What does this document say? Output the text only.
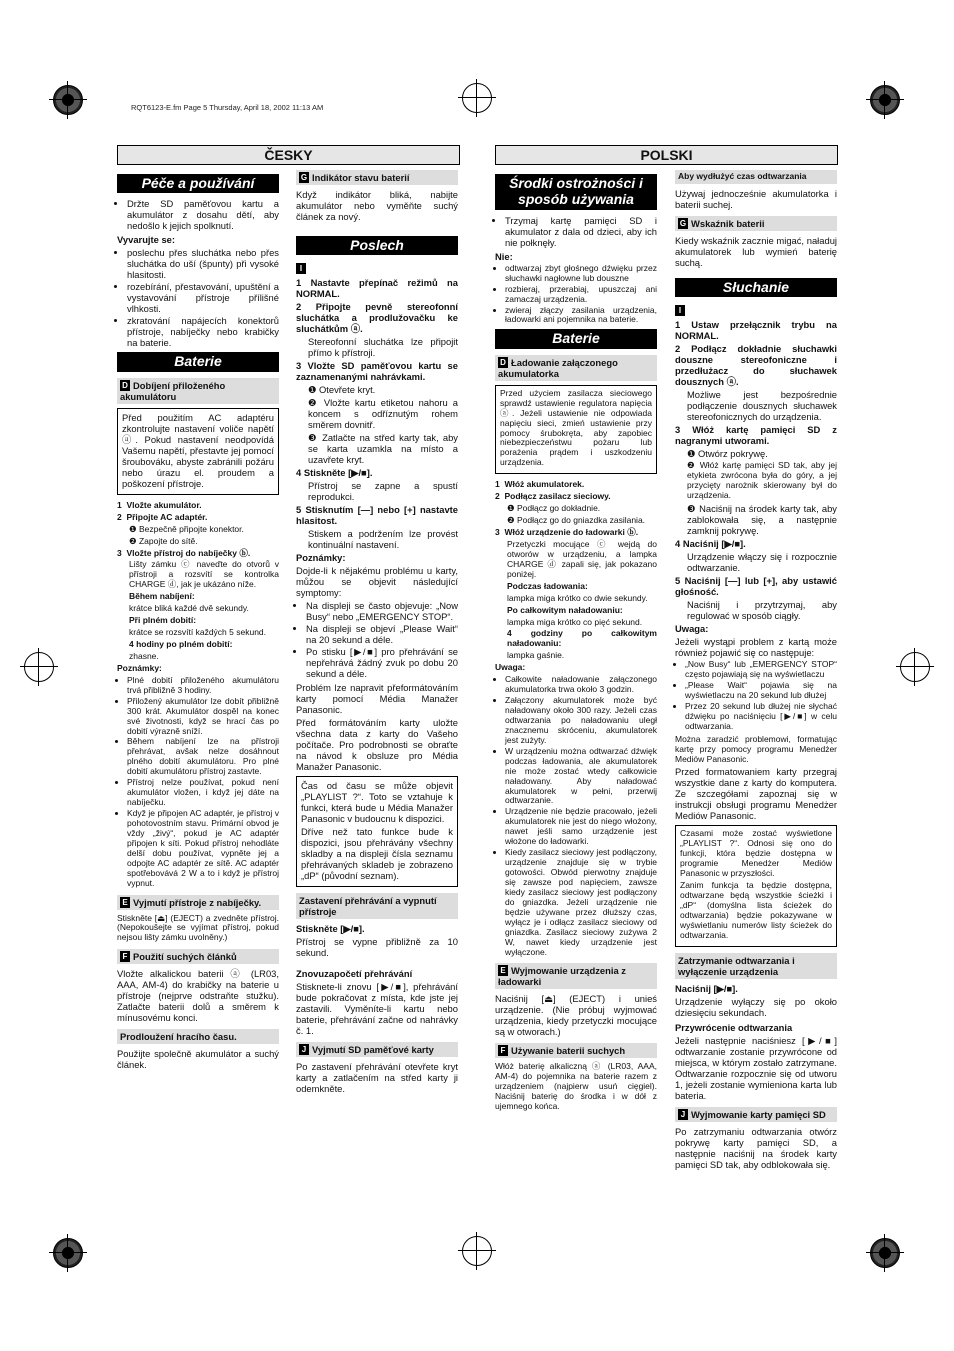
RQT6123-E.fm Page 5 Thursday, April 18, 2002 11:13 AM
ČESKY	POLSKI
Péče a používání
• Držte SD paměťovou kartu a akumulátor z dosahu dětí, aby nedošlo k jejich spolknutí.

Vyvarujte se:

• poslechu přes sluchátka nebo přes sluchátka do uší (špunty) při vysoké hlasitosti.
• rozebírání, přestavování, upuštění a vystavování přístroje přílišné vlhkosti.
• zkratování napájecích konektorů přístroje, nabíječky nebo krabičky na baterie.
Baterie
D Dobíjení přiloženého akumulátoru

Před použitím AC adaptéru zkontrolujte nastavení voliče napětí ⓐ. Pokud nastavení neodpovídá Vašemu napětí, přestavte jej pomocí šroubováku, abyste zabránili požáru nebo úrazu el. proudem a poškození přístroje.

1  Vložte akumulátor.

2  Připojte AC adaptér.

❶ Bezpečně připojte konektor.

❷ Zapojte do sítě.

3  Vložte přístroj do nabíječky ⓑ.

Lišty zámku ⓒ naveďte do otvorů v přístroji a rozsvítí se kontrolka CHARGE ⓓ, jak je ukázáno níže.

Během nabíjení:

krátce bliká každé dvě sekundy.

Při plném dobití:

krátce se rozsvítí každých 5 sekund.

4 hodiny po plném dobití:

zhasne.

Poznámky:

• Plné dobití přiloženého akumulátoru trvá přibližně 3 hodiny.
• Přiložený akumulátor lze dobít přibližně 300 krát. Akumulátor dospěl na konec své životnosti, když se hrací čas po dobití výrazně sníží.
• Během nabíjení lze na přístroji přehrávat, avšak nelze dosáhnout plného dobití akumulátoru. Pro plné dobití akumulátoru přístroj zastavte.
• Přístroj nelze používat, pokud není akumulátor vložen, i když jej dáte na nabíječku.
• Když je připojen AC adaptér, je přístroj v pohotovostním stavu. Primární obvod je vždy „živý“, pokud je AC adaptér připojen k síti. Pokud přístroj nehodláte delší dobu používat, vypněte jej a odpojte AC adaptér ze sítě. AC adaptér spotřebovává 2 W a to i když je přístroj vypnut.
E Vyjmutí přístroje z nabíječky.

Stiskněte [⏏] (EJECT) a zvedněte přístroj. (Nepokoušejte se vyjímat přístroj, pokud nejsou lišty zámku uvolněny.)

F Použití suchých článků

Vložte alkalickou baterii ⓐ (LR03, AAA, AM-4) do krabičky na baterie u přístroje (nejprve odstraňte stužku). Zatlačte baterii dolů a směrem k mínusovému konci.

Prodloužení hracího času.

Použijte společně akumulátor a suchý článek.

G Indikátor stavu baterií

Když indikátor bliká, nabijte akumulátor nebo vyměňte suchý článek za nový.

Poslech
I

1 Nastavte přepínač režimů na NORMAL.

2 Připojte pevně stereofonní sluchátka a prodlužovačku ke sluchátkům ⓐ.

Stereofonní sluchátka lze připojit přímo k přístroji.

3 Vložte SD paměťovou kartu se zaznamenanými nahrávkami.

❶ Otevřete kryt.

❷ Vložte kartu etiketou nahoru a koncem s odříznutým rohem směrem dovnitř.

❸ Zatlačte na střed karty tak, aby se karta uzamkla na místo a uzavřete kryt.

4 Stiskněte [▶/■].

Přístroj se zapne a spustí reprodukci.

5 Stisknutím [—] nebo [+] nastavte hlasitost.

Stiskem a podržením lze provést kontinuální nastavení.

Poznámky:

Dojde-li k nějakému problému u karty, můžou se objevit následující symptomy:

• Na displeji se často objevuje: „Now Busy“ nebo „EMERGENCY STOP“.
• Na displeji se objeví „Please Wait“ na 20 sekund a déle.
• Po stisku [▶/■] pro přehrávání se nepřehrává žádný zvuk po dobu 20 sekund a déle.

Problém lze napravit přeformátováním karty pomocí Média Manažer Panasonic.

Před formátováním karty uložte všechna data z karty do Vašeho počítače. Pro podrobnosti se obraťte na návod k obsluze pro Média Manažer Panasonic.

Čas od času se může objevit „PLAYLIST ?“. Toto se vztahuje k funkci, která bude u Média Manažer Panasonic v budoucnu k dispozici.

Dříve než tato funkce bude k dispozici, jsou přehrávány všechny skladby a na displeji čísla seznamu přehrávaných skladeb je zobrazeno „dP“ (původní seznam).

Zastavení přehrávání a vypnutí přístroje

Stiskněte [▶/■].

Přístroj se vypne přibližně za 10 sekund.

Znovuzapočetí přehrávání

Stisknete-li znovu [▶/■], přehrávání bude pokračovat z místa, kde jste jej zastavili. Vyměníte-li kartu nebo baterie, přehrávání začne od nahrávky č. 1.

J Vyjmutí SD paměťové karty

Po zastavení přehrávání otevřete kryt karty a zatlačením na střed karty ji odemkněte.

Środki ostrożności i sposób używania
• Trzymaj kartę pamięci SD i akumulator z dala od dzieci, aby ich nie połknęły.

Nie:

• odtwarzaj zbyt głośnego dźwięku przez słuchawki nagłowne lub douszne
• rozbieraj, przerabiaj, upuszczaj ani zamaczaj urządzenia.
• zwieraj złączy zasilania urządzenia, ładowarki ani pojemnika na baterie.
Baterie
D Ładowanie załączonego akumulatorka

Przed użyciem zasilacza sieciowego sprawdź ustawienie regulatora napięcia ⓐ. Jeżeli ustawienie nie odpowiada napięciu sieci, zmień ustawienie przy pomocy śrubokręta, aby zapobiec niebezpieczeństwu pożaru lub porażenia prądem i uszkodzeniu urządzenia.

1  Włóż akumulatorek.

2  Podłącz zasilacz sieciowy.

❶ Podłącz go dokładnie.

❷ Podłącz go do gniazdka zasilania.

3  Włóż urządzenie do ładowarki ⓑ.

Przetyczki mocujące ⓒ wejdą do otworów w urządzeniu, a lampka CHARGE ⓓ zapali się, jak pokazano poniżej.

Podczas ładowania:

lampka miga krótko co dwie sekundy.

Po całkowitym naładowaniu:

lampka miga krótko co pięć sekund.

4 godziny po całkowitym naładowaniu:

lampka gaśnie.

Uwaga:

• Całkowite naładowanie załączonego akumulatorka trwa około 3 godzin.
• Załączony akumulatorek może być naładowany około 300 razy. Jeżeli czas odtwarzania po naładowaniu uległ znacznemu skróceniu, akumulatorek jest zużyty.
• W urządzeniu można odtwarzać dźwięk podczas ładowania, ale akumulatorek nie może zostać wtedy całkowicie naładowany. Aby naładować akumulatorek w pełni, przerwij odtwarzanie.
• Urządzenie nie będzie pracowało, jeżeli akumulatorek nie jest do niego włożony, nawet jeśli samo urządzenie jest włożone do ładowarki.
• Kiedy zasilacz sieciowy jest podłączony, urządzenie znajduje się w trybie gotowości. Obwód pierwotny znajduje się zawsze pod napięciem, zawsze kiedy zasilacz sieciowy jest podłączony do gniazdka. Jeżeli urządzenie nie będzie używane przez dłuższy czas, wyłącz je i odłącz zasilacz sieciowy od gniazdka. Zasilacz sieciowy zużywa 2 W, nawet kiedy urządzenie jest wyłączone.
E Wyjmowanie urządzenia z ładowarki

Naciśnij [⏏] (EJECT) i unieś urządzenie. (Nie próbuj wyjmować urządzenia, kiedy przetyczki mocujące są w otworach.)

F Używanie baterii suchych

Włóż baterię alkaliczną ⓐ (LR03, AAA, AM-4) do pojemnika na baterie razem z urządzeniem (najpierw usuń cięgiel). Naciśnij baterię do środka i w dół z ujemnego końca.

Aby wydłużyć czas odtwarzania

Używaj jednocześnie akumulatorka i baterii suchej.

G Wskaźnik baterii

Kiedy wskaźnik zacznie migać, naładuj akumulatorek lub wymień baterię suchą.

Słuchanie
I

1 Ustaw przełącznik trybu na NORMAL.

2 Podłącz dokładnie słuchawki douszne stereofoniczne i przedłużacz do słuchawek dousznych ⓐ.

Możliwe jest bezpośrednie podłączenie dousznych słuchawek stereofonicznych do urządzenia.

3 Włóż kartę pamięci SD z nagranymi utworami.

❶ Otwórz pokrywę.

❷ Włóż kartę pamięci SD tak, aby jej etykieta zwrócona była do góry, a jej przycięty narożnik skierowany był do urządzenia.

❸ Naciśnij na środek karty tak, aby zablokowała się, a następnie zamknij pokrywę.

4 Naciśnij [▶/■].

Urządzenie włączy się i rozpocznie odtwarzanie.

5 Naciśnij [—] lub [+], aby ustawić głośność.

Naciśnij i przytrzymaj, aby regulować w sposób ciągły.

Uwaga:

Jeżeli wystąpi problem z kartą może również pojawić się co następuje:

• „Now Busy“ lub „EMERGENCY STOP“ często pojawiają się na wyświetlaczu
• „Please Wait“ pojawia się na wyświetlaczu na 20 sekund lub dłużej
• Przez 20 sekund lub dłużej nie słychać dźwięku po naciśnięciu [▶/■] w celu odtwarzania.

Można zaradzić problemowi, formatując kartę przy pomocy programu Menedżer Mediów Panasonic.

Przed formatowaniem karty przegraj wszystkie dane z karty do komputera. Ze szczegółami zapoznaj się w instrukcji obsługi programu Menedżer Mediów Panasonic.

Czasami może zostać wyświetlone „PLAYLIST ?“. Odnosi się ono do funkcji, która będzie dostępna w programie Menedżer Mediów Panasonic w przyszłości.

Zanim funkcja ta będzie dostępna, odtwarzane będą wszystkie ścieżki i „dP“ (domyślna lista ścieżek do odtwarzania) będzie pokazywane w wyświetlaniu numerów listy ścieżek do odtwarzania.

Zatrzymanie odtwarzania i wyłączenie urządzenia

Naciśnij [▶/■].

Urządzenie wyłączy się po około dziesięciu sekundach.

Przywrócenie odtwarzania

Jeżeli następnie naciśniesz [▶/■] odtwarzanie zostanie przywrócone od miejsca, w którym zostało zatrzymane. Odtwarzanie rozpocznie się od utworu 1, jeżeli zostanie wymieniona karta lub bateria.

J Wyjmowanie karty pamięci SD

Po zatrzymaniu odtwarzania otwórz pokrywę karty pamięci SD, a następnie naciśnij na środek karty pamięci SD tak, aby odblokowała się.
